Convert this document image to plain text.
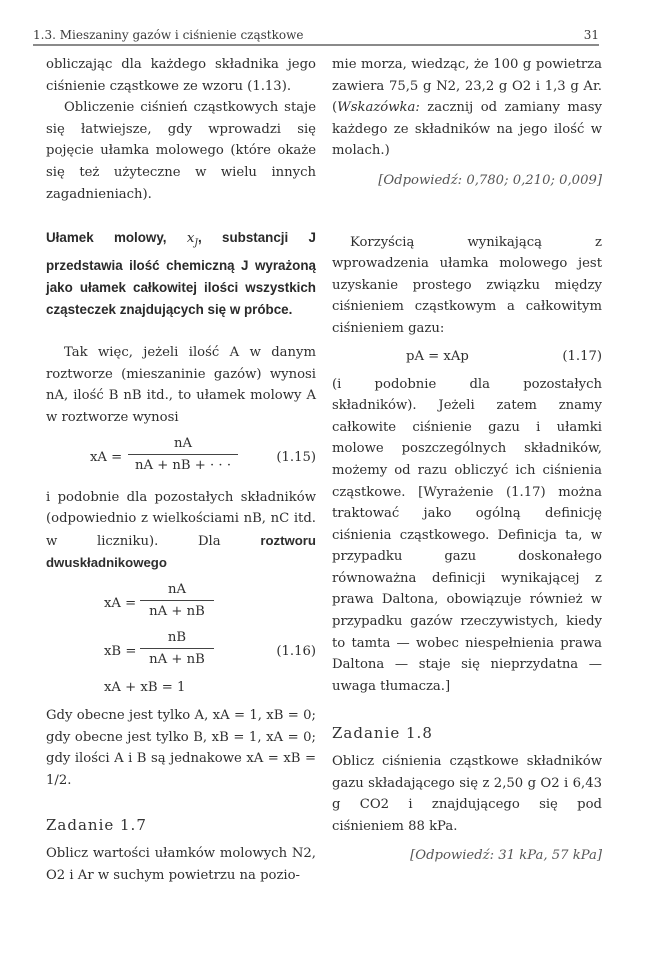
1.3. Mieszaniny gazów i ciśnienie cząstkowe	31

obliczając dla każdego składnika jego ciśnienie cząstkowe ze wzoru (1.13).

Obliczenie ciśnień cząstkowych staje się łatwiejsze, gdy wprowadzi się pojęcie ułamka molowego (które okaże się też użyteczne w wielu innych zagadnieniach).

Ułamek molowy, $x_J$, substancji J przedstawia ilość chemiczną J wyrażoną jako ułamek całkowitej ilości wszystkich cząsteczek znajdujących się w próbce.

Tak więc, jeżeli ilość A w danym roztworze (mieszaninie gazów) wynosi nA, ilość B nB itd., to ułamek molowy A w roztworze wynosi

xA = $\frac{nA}{nA + nB + \cdot \cdot \cdot}$	(1.15)

i podobnie dla pozostałych składników (odpowiednio z wielkościami nB, nC itd. w liczniku). Dla roztworu dwuskładnikowego

xA = $\frac{nA}{nA + nB}$
xB = $\frac{nB}{nA + nB}$	(1.16)
xA + xB = 1

Gdy obecne jest tylko A, xA = 1, xB = 0; gdy obecne jest tylko B, xB = 1, xA = 0; gdy ilości A i B są jednakowe xA = xB = 1/2.

Zadanie 1.7

Oblicz wartości ułamków molowych N2, O2 i Ar w suchym powietrzu na pozio-

mie morza, wiedząc, że 100 g powietrza zawiera 75,5 g N2, 23,2 g O2 i 1,3 g Ar. (Wskazówka: zacznij od zamiany masy każdego ze składników na jego ilość w molach.)

[Odpowiedź: 0,780; 0,210; 0,009]

Korzyścią wynikającą z wprowadzenia ułamka molowego jest uzyskanie prostego związku między ciśnieniem cząstkowym a całkowitym ciśnieniem gazu:

pA = xAp	(1.17)

(i podobnie dla pozostałych składników). Jeżeli zatem znamy całkowite ciśnienie gazu i ułamki molowe poszczególnych składników, możemy od razu obliczyć ich ciśnienia cząstkowe. [Wyrażenie (1.17) można traktować jako ogólną definicję ciśnienia cząstkowego. Definicja ta, w przypadku gazu doskonałego równoważna definicji wynikającej z prawa Daltona, obowiązuje również w przypadku gazów rzeczywistych, kiedy to tamta — wobec niespełnienia prawa Daltona — staje się nieprzydatna — uwaga tłumacza.]

Zadanie 1.8

Oblicz ciśnienia cząstkowe składników gazu składającego się z 2,50 g O2 i 6,43 g CO2 i znajdującego się pod ciśnieniem 88 kPa.

[Odpowiedź: 31 kPa, 57 kPa]
